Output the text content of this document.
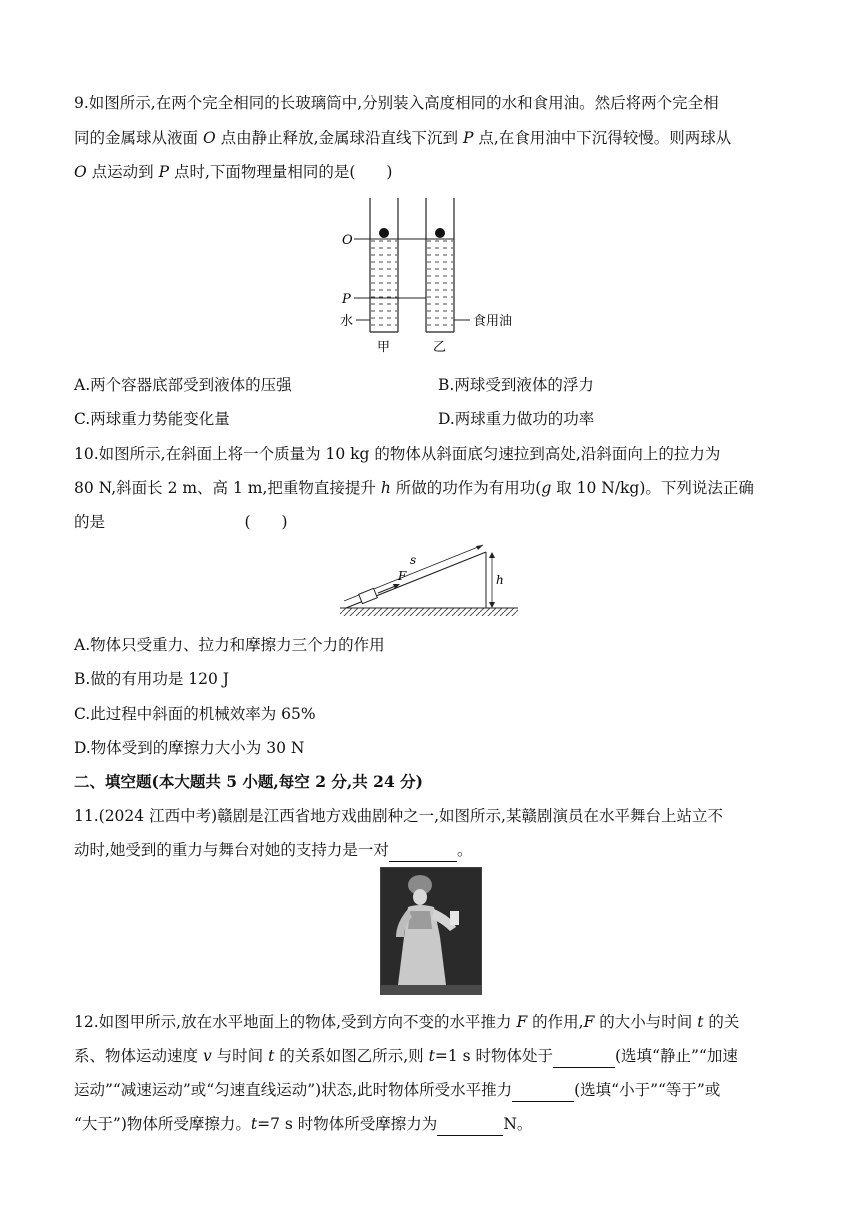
9.如图所示,在两个完全相同的长玻璃筒中,分别装入高度相同的水和食用油。然后将两个完全相
同的金属球从液面 O 点由静止释放,金属球沿直线下沉到 P 点,在食用油中下沉得较慢。则两球从
O 点运动到 P 点时,下面物理量相同的是(　　)
O
P
水	食用油
甲	乙
A.两个容器底部受到液体的压强	B.两球受到液体的浮力
C.两球重力势能变化量	D.两球重力做功的功率
10.如图所示,在斜面上将一个质量为 10 kg 的物体从斜面底匀速拉到高处,沿斜面向上的拉力为
80 N,斜面长 2 m、高 1 m,把重物直接提升 h 所做的功作为有用功(g 取 10 N/kg)。下列说法正确
的是　　　　　　　　　(　　)
s
F	h
A.物体只受重力、拉力和摩擦力三个力的作用
B.做的有用功是 120 J
C.此过程中斜面的机械效率为 65%
D.物体受到的摩擦力大小为 30 N
二、填空题(本大题共 5 小题,每空 2 分,共 24 分)
11.(2024 江西中考)赣剧是江西省地方戏曲剧种之一,如图所示,某赣剧演员在水平舞台上站立不
动时,她受到的重力与舞台对她的支持力是一对	。
12.如图甲所示,放在水平地面上的物体,受到方向不变的水平推力 F 的作用,F 的大小与时间 t 的关
系、物体运动速度 v 与时间 t 的关系如图乙所示,则 t=1 s 时物体处于	(选填“静止”“加速
运动”“减速运动”或“匀速直线运动”)状态,此时物体所受水平推力	(选填“小于”“等于”或
“大于”)物体所受摩擦力。t=7 s 时物体所受摩擦力为	N。
